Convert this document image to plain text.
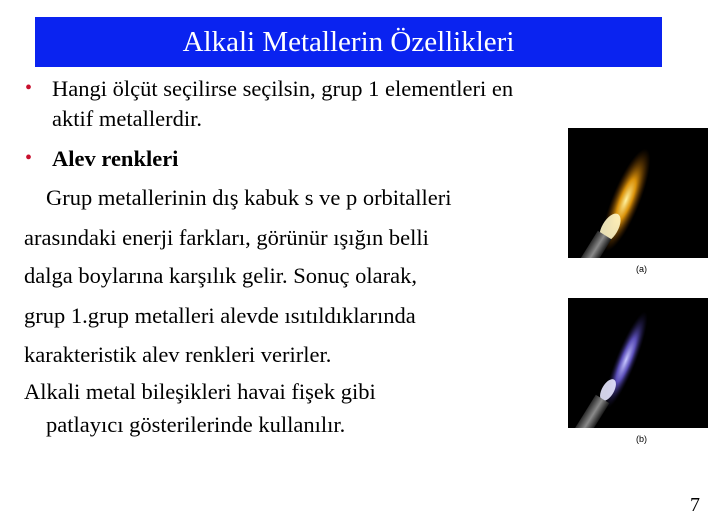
Alkali Metallerin Özellikleri
• Hangi ölçüt seçilirse seçilsin, grup 1 elementleri en
aktif metallerdir.
• Alev renkleri
Grup metallerinin dış kabuk s ve p orbitalleri
arasındaki enerji farkları, görünür ışığın belli
dalga boylarına karşılık gelir. Sonuç olarak,
grup 1.grup metalleri alevde ısıtıldıklarında
karakteristik alev renkleri verirler.
Alkali metal bileşikleri havai fişek gibi
patlayıcı gösterilerinde kullanılır.
(a)
(b)
7
